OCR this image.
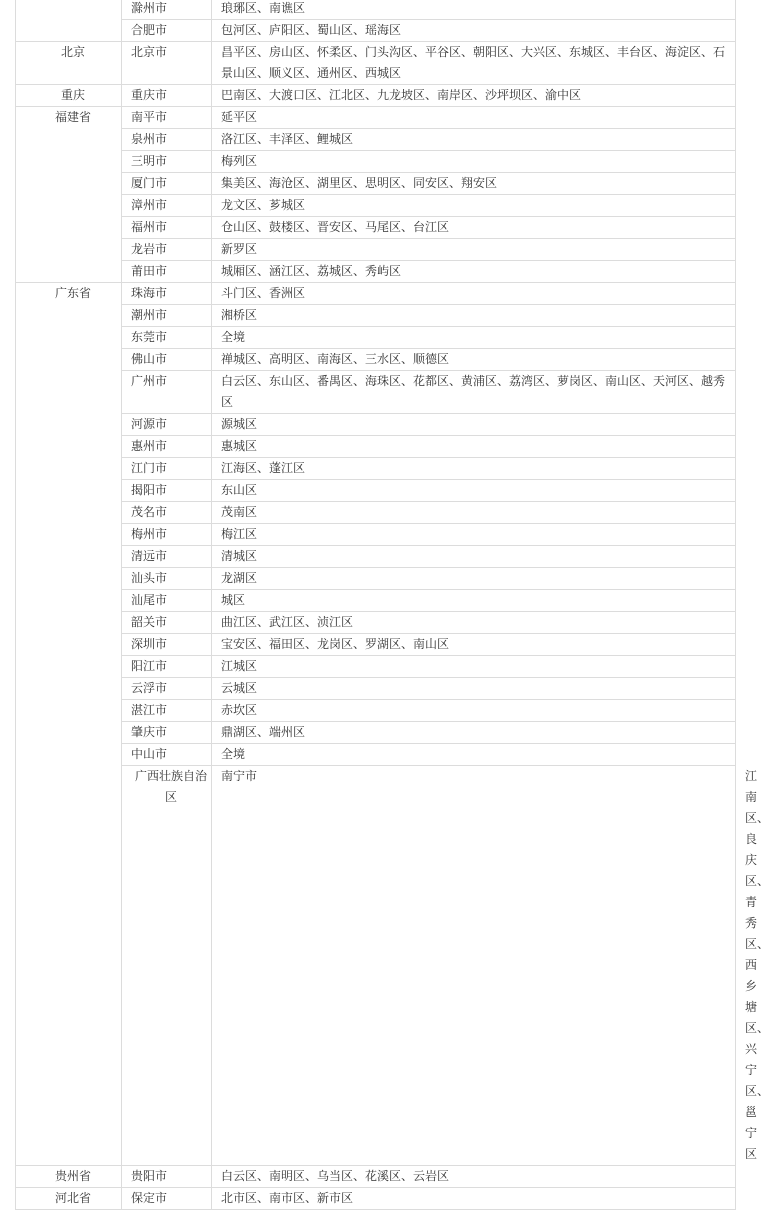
	滁州市	琅琊区、南谯区	
	合肥市	包河区、庐阳区、蜀山区、瑶海区	
北京	北京市	昌平区、房山区、怀柔区、门头沟区、平谷区、朝阳区、大兴区、东城区、丰台区、海淀区、石景山区、顺义区、通州区、西城区	
重庆	重庆市	巴南区、大渡口区、江北区、九龙坡区、南岸区、沙坪坝区、渝中区	
福建省	南平市	延平区	
	泉州市	洛江区、丰泽区、鲤城区	
	三明市	梅列区	
	厦门市	集美区、海沧区、湖里区、思明区、同安区、翔安区	
	漳州市	龙文区、芗城区	
	福州市	仓山区、鼓楼区、晋安区、马尾区、台江区	
	龙岩市	新罗区	
	莆田市	城厢区、涵江区、荔城区、秀屿区	
广东省	珠海市	斗门区、香洲区	
	潮州市	湘桥区	
	东莞市	全境	
	佛山市	禅城区、高明区、南海区、三水区、顺德区	
	广州市	白云区、东山区、番禺区、海珠区、花都区、黄浦区、荔湾区、萝岗区、南山区、天河区、越秀区	
	河源市	源城区	
	惠州市	惠城区	
	江门市	江海区、蓬江区	
	揭阳市	东山区	
	茂名市	茂南区	
	梅州市	梅江区	
	清远市	清城区	
	汕头市	龙湖区	
	汕尾市	城区	
	韶关市	曲江区、武江区、浈江区	
	深圳市	宝安区、福田区、龙岗区、罗湖区、南山区	
	阳江市	江城区	
	云浮市	云城区	
	湛江市	赤坎区	
	肇庆市	鼎湖区、端州区	
	中山市	全境	
	广西壮族自治区	南宁市	江南区、良庆区、青秀区、西乡塘区、兴宁区、邕宁区
贵州省	贵阳市	白云区、南明区、乌当区、花溪区、云岩区	
河北省	保定市	北市区、南市区、新市区	
